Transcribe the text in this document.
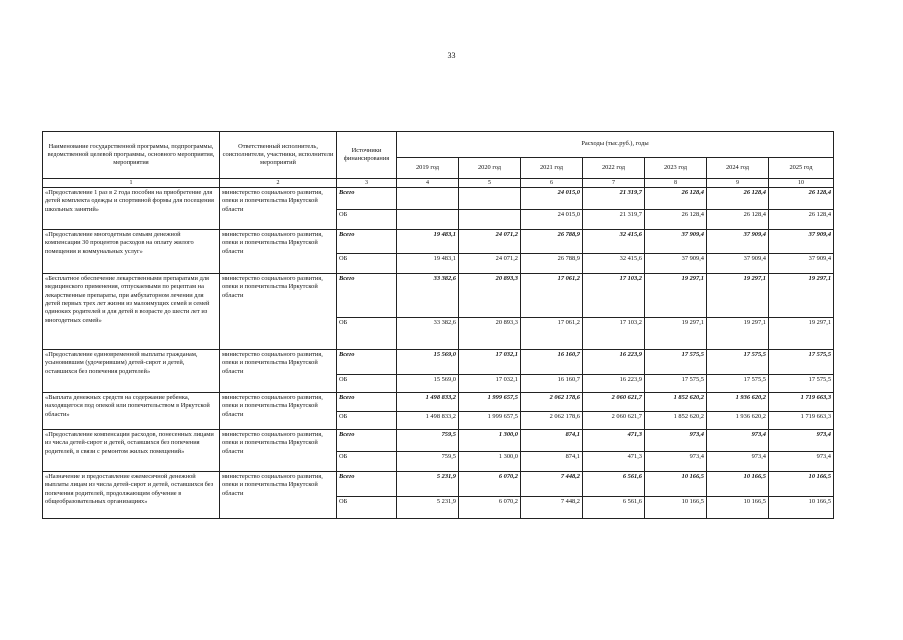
33
Наименование государственной программы, подпрограммы, ведомственной целевой программы, основного мероприятия, мероприятия	Ответственный исполнитель, соисполнители, участники, исполнители мероприятий	Источники финансирования	Расходы (тыс.руб.), годы						
			2019 год	2020 год	2021 год	2022 год	2023 год	2024 год	2025 год
1	2	3	4	5	6	7	8	9	10
«Предоставление 1 раз в 2 года пособия на приобретение для детей комплекта одежды и спортивной формы для посещения школьных занятий»	министерство социального развития, опеки и попечительства Иркутской области	Всего			24 015,0	21 319,7	26 128,4	26 128,4	26 128,4
		ОБ			24 015,0	21 319,7	26 128,4	26 128,4	26 128,4
«Предоставление многодетным семьям денежной компенсации 30 процентов расходов на оплату жилого помещения и коммунальных услуг»	министерство социального развития, опеки и попечительства Иркутской области	Всего	19 483,1	24 071,2	26 788,9	32 415,6	37 909,4	37 909,4	37 909,4
		ОБ	19 483,1	24 071,2	26 788,9	32 415,6	37 909,4	37 909,4	37 909,4
«Бесплатное обеспечение лекарственными препаратами для медицинского применения, отпускаемыми по рецептам на лекарственные препараты, при амбулаторном лечении для детей первых трех лет жизни из малоимущих семей и семей одиноких родителей и для детей в возрасте до шести лет из многодетных семей»	министерство социального развития, опеки и попечительства Иркутской области	Всего	33 382,6	20 893,3	17 061,2	17 103,2	19 297,1	19 297,1	19 297,1
		ОБ	33 382,6	20 893,3	17 061,2	17 103,2	19 297,1	19 297,1	19 297,1
«Предоставление единовременной выплаты гражданам, усыновившим (удочерившим) детей-сирот и детей, оставшихся без попечения родителей»	министерство социального развития, опеки и попечительства Иркутской области	Всего	15 569,0	17 032,1	16 160,7	16 223,9	17 575,5	17 575,5	17 575,5
		ОБ	15 569,0	17 032,1	16 160,7	16 223,9	17 575,5	17 575,5	17 575,5
«Выплата денежных средств на содержание ребенка, находящегося под опекой или попечительством в Иркутской области»	министерство социального развития, опеки и попечительства Иркутской области	Всего	1 498 833,2	1 999 657,5	2 062 178,6	2 060 621,7	1 852 620,2	1 936 620,2	1 719 663,3
		ОБ	1 498 833,2	1 999 657,5	2 062 178,6	2 060 621,7	1 852 620,2	1 936 620,2	1 719 663,3
«Предоставление компенсации расходов, понесенных лицами из числа детей-сирот и детей, оставшихся без попечения родителей, в связи с ремонтом жилых помещений»	министерство социального развития, опеки и попечительства Иркутской области	Всего	759,5	1 300,0	874,1	471,3	973,4	973,4	973,4
		ОБ	759,5	1 300,0	874,1	471,3	973,4	973,4	973,4
«Назначение и предоставление ежемесячной денежной выплаты лицам из числа детей-сирот и детей, оставшихся без попечения родителей, продолжающим обучение в общеобразовательных организациях»	министерство социального развития, опеки и попечительства Иркутской области	Всего	5 231,9	6 070,2	7 448,2	6 561,6	10 166,5	10 166,5	10 166,5
		ОБ	5 231,9	6 070,2	7 448,2	6 561,6	10 166,5	10 166,5	10 166,5
